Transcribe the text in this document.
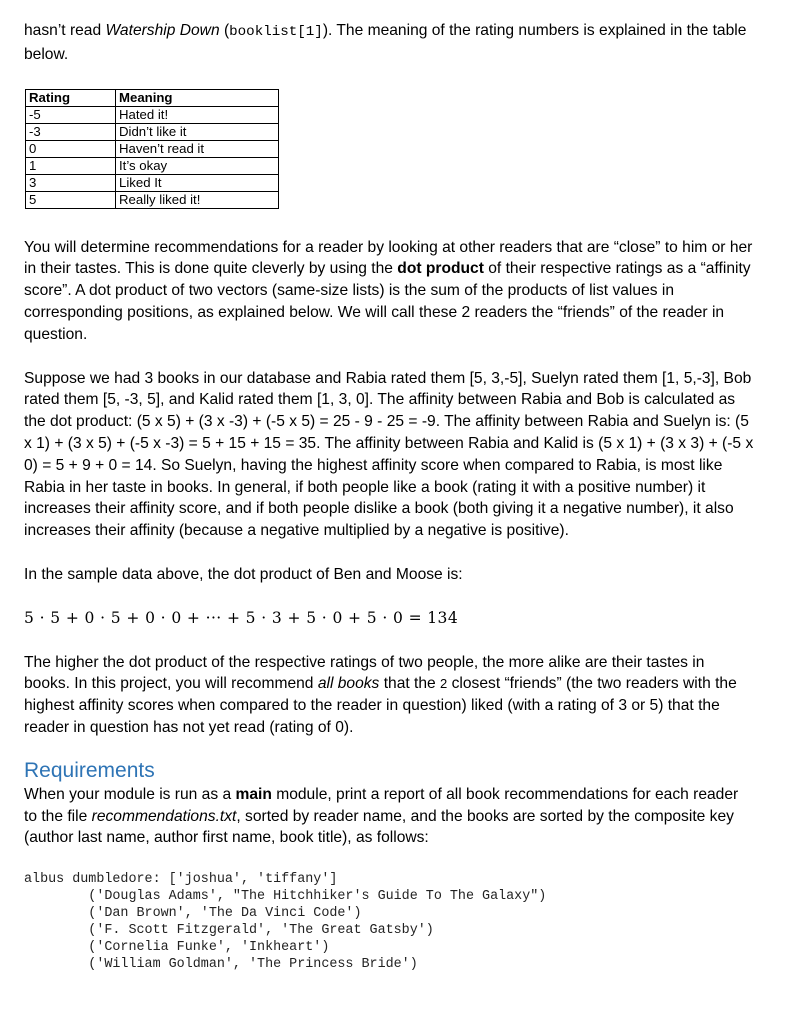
hasn’t read Watership Down (booklist[1]). The meaning of the rating numbers is explained in the table below.

Rating	Meaning
-5	Hated it!
-3	Didn’t like it
0	Haven’t read it
1	It’s okay
3	Liked It
5	Really liked it!

You will determine recommendations for a reader by looking at other readers that are “close” to him or her in their tastes. This is done quite cleverly by using the dot product of their respective ratings as a “affinity score”. A dot product of two vectors (same-size lists) is the sum of the products of list values in corresponding positions, as explained below. We will call these 2 readers the “friends” of the reader in question.

Suppose we had 3 books in our database and Rabia rated them [5, 3,-5], Suelyn rated them [1, 5,-3], Bob rated them [5, -3, 5], and Kalid rated them [1, 3, 0]. The affinity between Rabia and Bob is calculated as the dot product: (5 x 5) + (3 x -3) + (-5 x 5) = 25 - 9 - 25 = -9. The affinity between Rabia and Suelyn is: (5 x 1) + (3 x 5) + (-5 x -3) = 5 + 15 + 15 = 35. The affinity between Rabia and Kalid is (5 x 1) + (3 x 3) + (-5 x 0) = 5 + 9 + 0 = 14. So Suelyn, having the highest affinity score when compared to Rabia, is most like Rabia in her taste in books. In general, if both people like a book (rating it with a positive number) it increases their affinity score, and if both people dislike a book (both giving it a negative number), it also increases their affinity (because a negative multiplied by a negative is positive).

In the sample data above, the dot product of Ben and Moose is:

5 · 5 + 0 · 5 + 0 · 0 + ··· + 5 · 3 + 5 · 0 + 5 · 0 = 134

The higher the dot product of the respective ratings of two people, the more alike are their tastes in books. In this project, you will recommend all books that the 2 closest “friends” (the two readers with the highest affinity scores when compared to the reader in question) liked (with a rating of 3 or 5) that the reader in question has not yet read (rating of 0).

Requirements

When your module is run as a main module, print a report of all book recommendations for each reader to the file recommendations.txt, sorted by reader name, and the books are sorted by the composite key (author last name, author first name, book title), as follows:

albus dumbledore: ['joshua', 'tiffany']
('Douglas Adams', "The Hitchhiker's Guide To The Galaxy")
('Dan Brown', 'The Da Vinci Code')
('F. Scott Fitzgerald', 'The Great Gatsby')
('Cornelia Funke', 'Inkheart')
('William Goldman', 'The Princess Bride')
